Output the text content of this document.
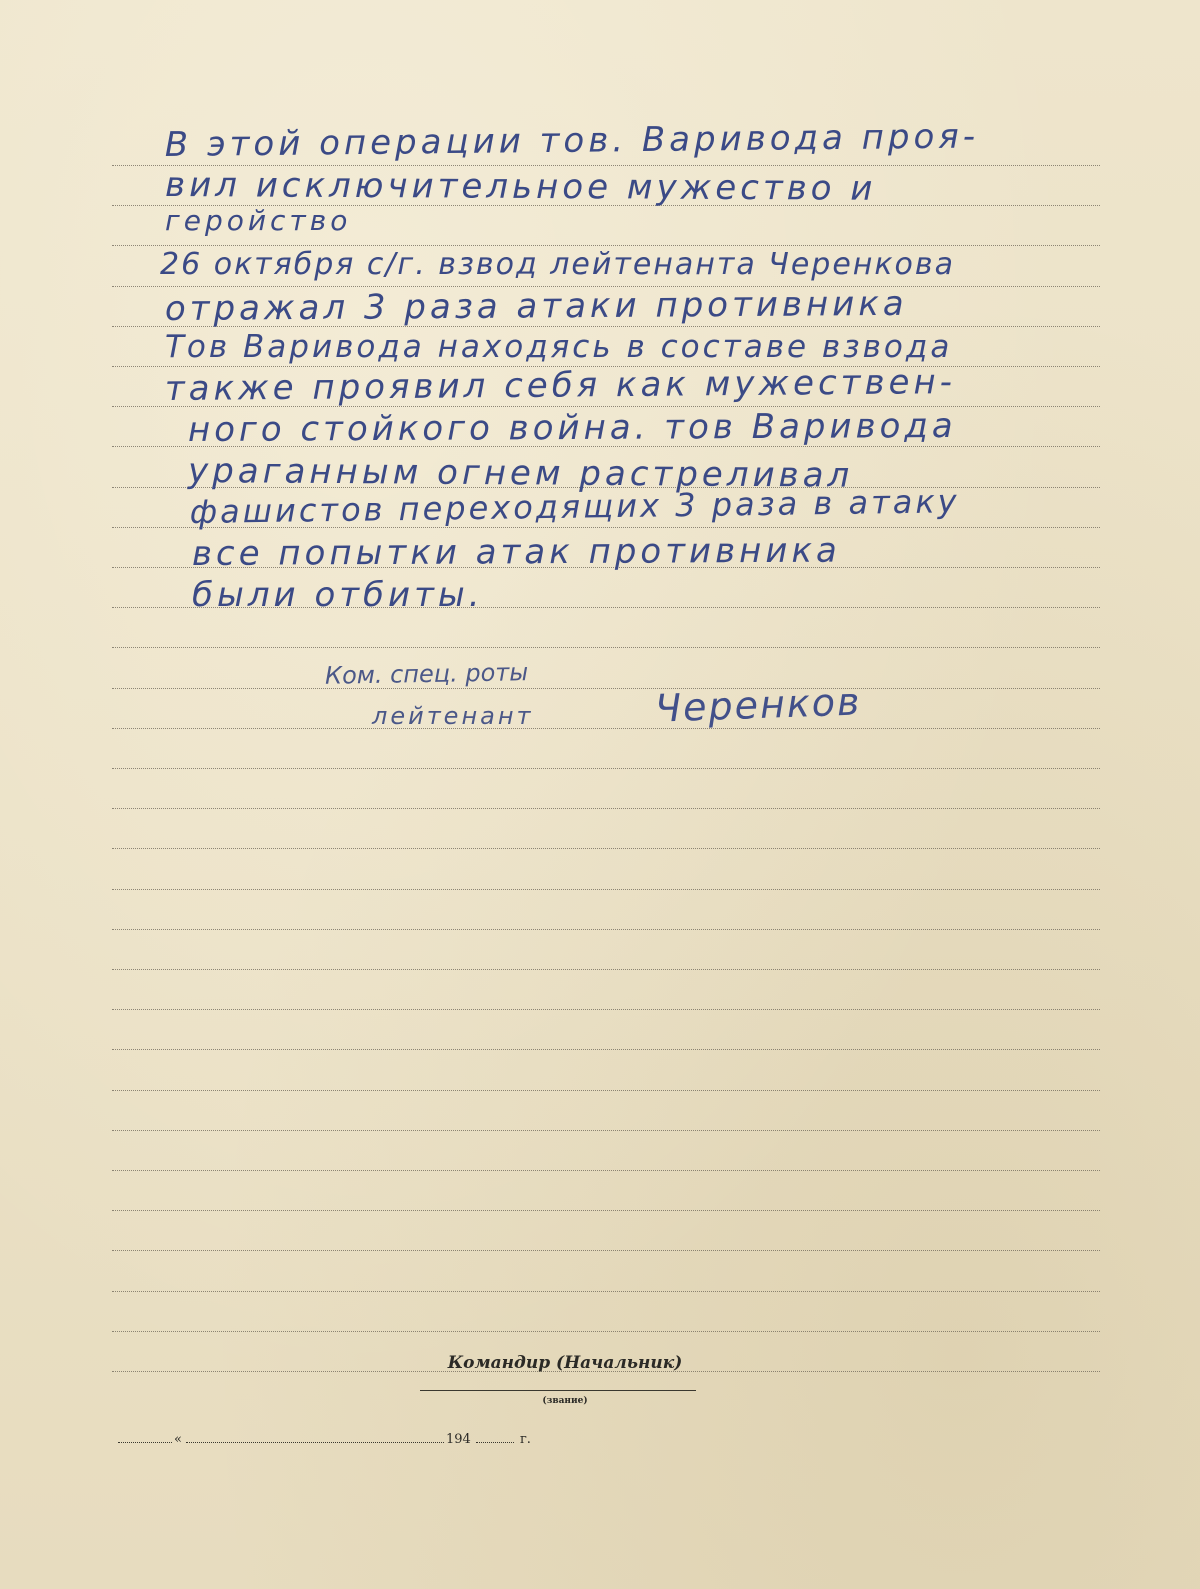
В этой операции тов. Варивода проя-
вил исключительное мужество и
геройство
26 октября с/г. взвод лейтенанта Черенкова
отражал 3 раза атаки противника
Тов Варивода находясь в составе взвода
также проявил себя как мужествен-
ного стойкого война. тов Варивода
ураганным огнем растреливал
фашистов переходящих 3 раза в атаку
все попытки атак противника
были отбиты.
Ком. спец. роты
лейтенант
Командир (Начальник)
(звание)
«	194	г.
Черенков
